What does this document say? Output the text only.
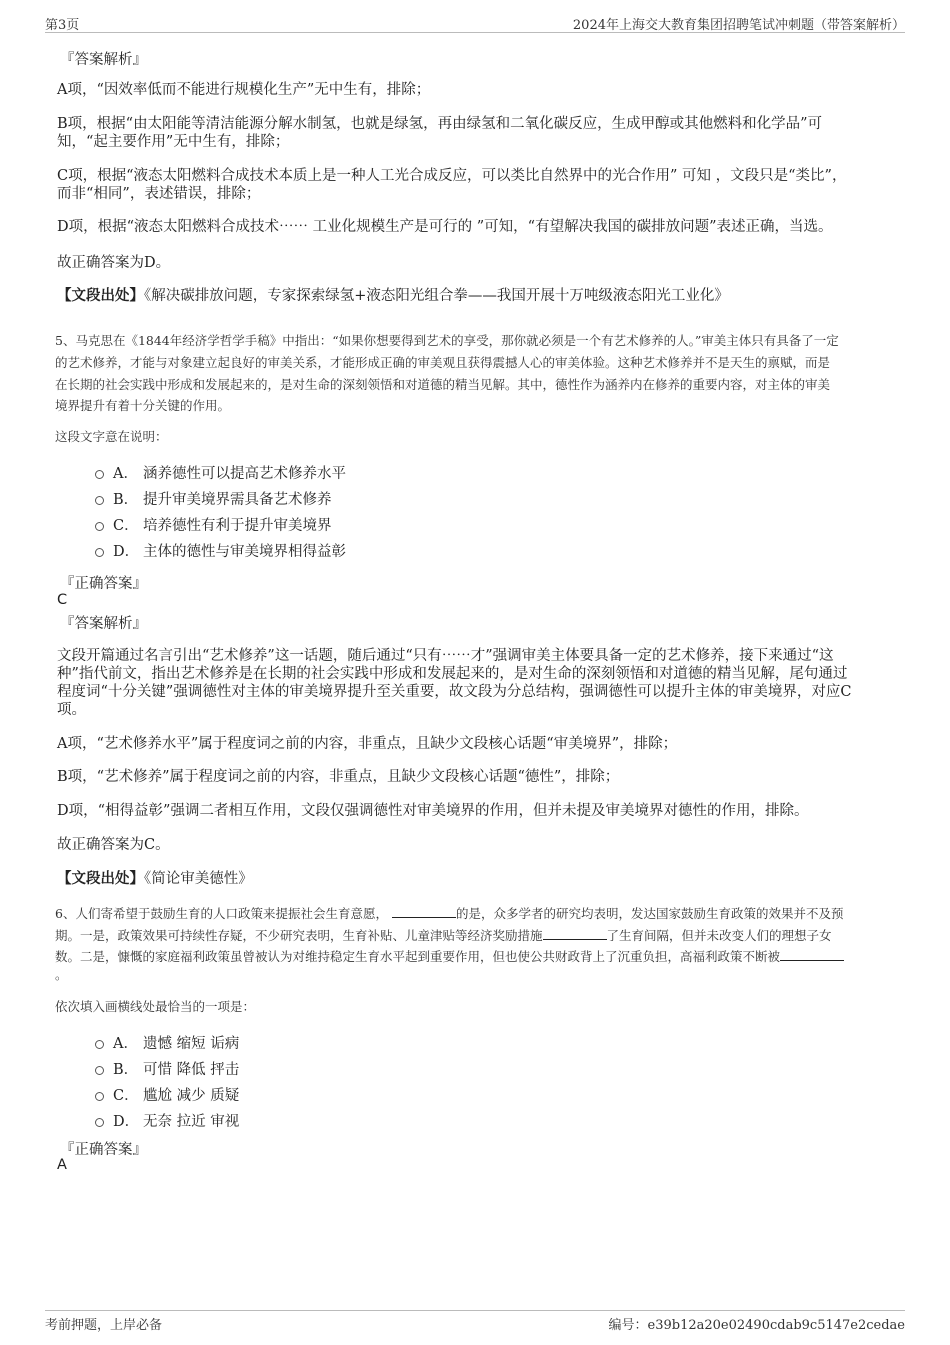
第3页	2024年上海交大教育集团招聘笔试冲刺题（带答案解析）
『答案解析』
A项，“因效率低而不能进行规模化生产”无中生有，排除；
B项，根据“由太阳能等清洁能源分解水制氢，也就是绿氢，再由绿氢和二氧化碳反应，生成甲醇或其他燃料和化学品”可
知，“起主要作用”无中生有，排除；
C项，根据“液态太阳燃料合成技术本质上是一种人工光合成反应，可以类比自然界中的光合作用” 可知 ，文段只是“类比”，
而非“相同”，表述错误，排除；
D项，根据“液态太阳燃料合成技术⋯⋯ 工业化规模生产是可行的 ”可知，“有望解决我国的碳排放问题”表述正确，当选。
故正确答案为D。
【文段出处】《解决碳排放问题，专家探索绿氢+液态阳光组合拳——我国开展十万吨级液态阳光工业化》
5、马克思在《1844年经济学哲学手稿》中指出：“如果你想要得到艺术的享受，那你就必须是一个有艺术修养的人。”审美主体只有具备了一定
的艺术修养，才能与对象建立起良好的审美关系，才能形成正确的审美观且获得震撼人心的审美体验。这种艺术修养并不是天生的禀赋，而是
在长期的社会实践中形成和发展起来的，是对生命的深刻领悟和对道德的精当见解。其中，德性作为涵养内在修养的重要内容，对主体的审美
境界提升有着十分关键的作用。
这段文字意在说明：
A． 涵养德性可以提高艺术修养水平
B． 提升审美境界需具备艺术修养
C． 培养德性有利于提升审美境界
D． 主体的德性与审美境界相得益彰
『正确答案』
C
『答案解析』
文段开篇通过名言引出“艺术修养”这一话题，随后通过“只有⋯⋯才”强调审美主体要具备一定的艺术修养，接下来通过“这
种”指代前文，指出艺术修养是在长期的社会实践中形成和发展起来的，是对生命的深刻领悟和对道德的精当见解，尾句通过
程度词“十分关键”强调德性对主体的审美境界提升至关重要，故文段为分总结构，强调德性可以提升主体的审美境界，对应C
项。
A项，“艺术修养水平”属于程度词之前的内容，非重点，且缺少文段核心话题“审美境界”，排除；
B项，“艺术修养”属于程度词之前的内容，非重点，且缺少文段核心话题“德性”，排除；
D项，“相得益彰”强调二者相互作用，文段仅强调德性对审美境界的作用，但并未提及审美境界对德性的作用，排除。
故正确答案为C。
【文段出处】《简论审美德性》
6、人们寄希望于鼓励生育的人口政策来提振社会生育意愿，	的是，众多学者的研究均表明，发达国家鼓励生育政策的效果并不及预
期。一是，政策效果可持续性存疑，不少研究表明，生育补贴、儿童津贴等经济奖励措施	了生育间隔，但并未改变人们的理想子女
数。二是，慷慨的家庭福利政策虽曾被认为对维持稳定生育水平起到重要作用，但也使公共财政背上了沉重负担，高福利政策不断被
。
依次填入画横线处最恰当的一项是：
A． 遗憾 缩短 诟病
B． 可惜 降低 抨击
C． 尴尬 减少 质疑
D． 无奈 拉近 审视
『正确答案』
A
考前押题，上岸必备	编号：e39b12a20e02490cdab9c5147e2cedae
